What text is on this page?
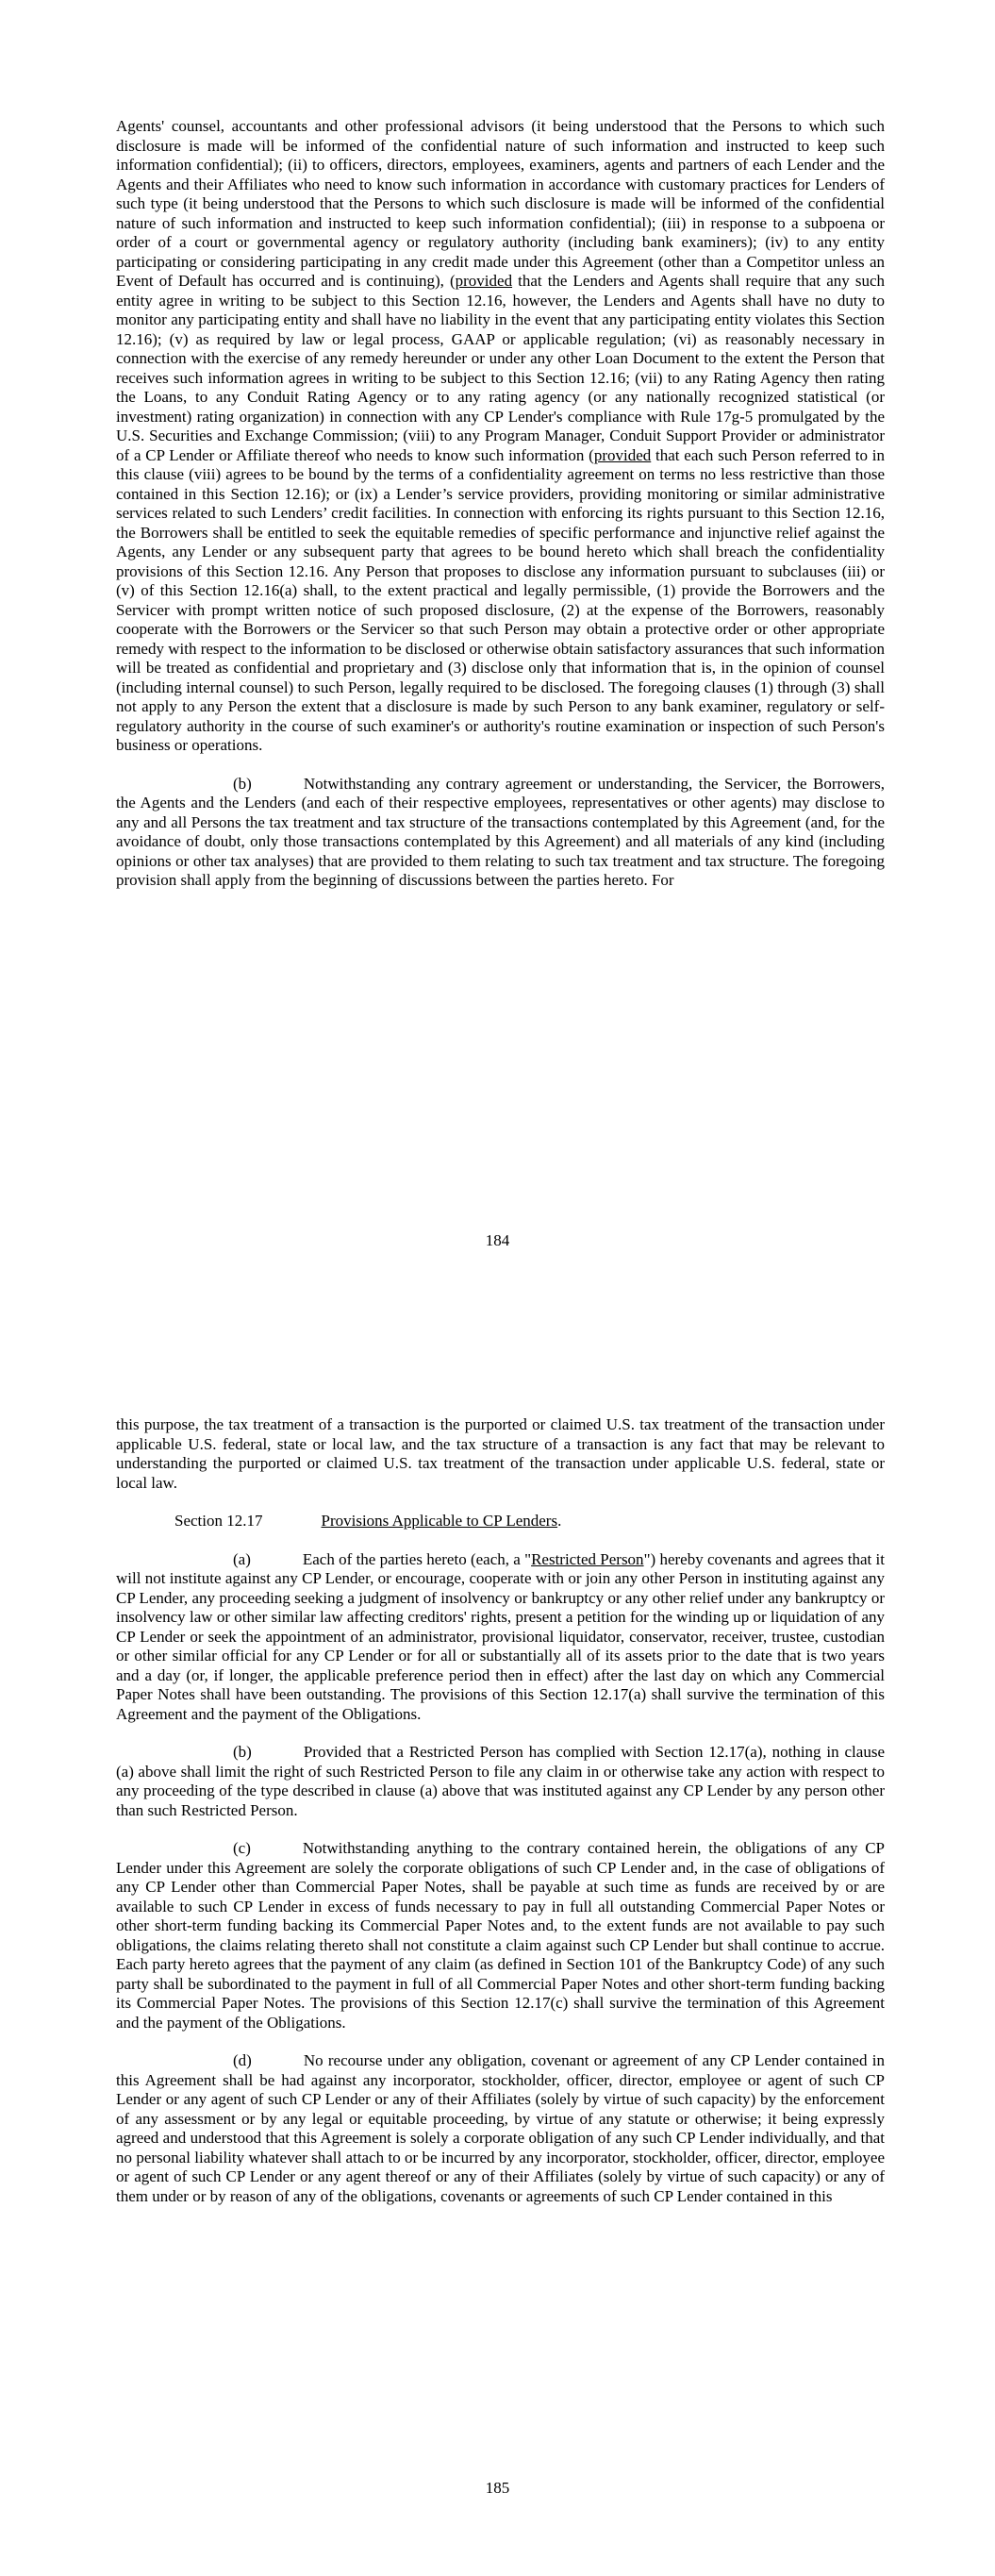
Agents' counsel, accountants and other professional advisors (it being understood that the Persons to which such disclosure is made will be informed of the confidential nature of such information and instructed to keep such information confidential); (ii) to officers, directors, employees, examiners, agents and partners of each Lender and the Agents and their Affiliates who need to know such information in accordance with customary practices for Lenders of such type (it being understood that the Persons to which such disclosure is made will be informed of the confidential nature of such information and instructed to keep such information confidential); (iii) in response to a subpoena or order of a court or governmental agency or regulatory authority (including bank examiners); (iv) to any entity participating or considering participating in any credit made under this Agreement (other than a Competitor unless an Event of Default has occurred and is continuing), (provided that the Lenders and Agents shall require that any such entity agree in writing to be subject to this Section 12.16, however, the Lenders and Agents shall have no duty to monitor any participating entity and shall have no liability in the event that any participating entity violates this Section 12.16); (v) as required by law or legal process, GAAP or applicable regulation; (vi) as reasonably necessary in connection with the exercise of any remedy hereunder or under any other Loan Document to the extent the Person that receives such information agrees in writing to be subject to this Section 12.16; (vii) to any Rating Agency then rating the Loans, to any Conduit Rating Agency or to any rating agency (or any nationally recognized statistical (or investment) rating organization) in connection with any CP Lender's compliance with Rule 17g-5 promulgated by the U.S. Securities and Exchange Commission; (viii) to any Program Manager, Conduit Support Provider or administrator of a CP Lender or Affiliate thereof who needs to know such information (provided that each such Person referred to in this clause (viii) agrees to be bound by the terms of a confidentiality agreement on terms no less restrictive than those contained in this Section 12.16); or (ix) a Lender’s service providers, providing monitoring or similar administrative services related to such Lenders’ credit facilities. In connection with enforcing its rights pursuant to this Section 12.16, the Borrowers shall be entitled to seek the equitable remedies of specific performance and injunctive relief against the Agents, any Lender or any subsequent party that agrees to be bound hereto which shall breach the confidentiality provisions of this Section 12.16. Any Person that proposes to disclose any information pursuant to subclauses (iii) or (v) of this Section 12.16(a) shall, to the extent practical and legally permissible, (1) provide the Borrowers and the Servicer with prompt written notice of such proposed disclosure, (2) at the expense of the Borrowers, reasonably cooperate with the Borrowers or the Servicer so that such Person may obtain a protective order or other appropriate remedy with respect to the information to be disclosed or otherwise obtain satisfactory assurances that such information will be treated as confidential and proprietary and (3) disclose only that information that is, in the opinion of counsel (including internal counsel) to such Person, legally required to be disclosed. The foregoing clauses (1) through (3) shall not apply to any Person the extent that a disclosure is made by such Person to any bank examiner, regulatory or self-regulatory authority in the course of such examiner's or authority's routine examination or inspection of such Person's business or operations.

(b)	Notwithstanding any contrary agreement or understanding, the Servicer, the Borrowers, the Agents and the Lenders (and each of their respective employees, representatives or other agents) may disclose to any and all Persons the tax treatment and tax structure of the transactions contemplated by this Agreement (and, for the avoidance of doubt, only those transactions contemplated by this Agreement) and all materials of any kind (including opinions or other tax analyses) that are provided to them relating to such tax treatment and tax structure. The foregoing provision shall apply from the beginning of discussions between the parties hereto. For

184

this purpose, the tax treatment of a transaction is the purported or claimed U.S. tax treatment of the transaction under applicable U.S. federal, state or local law, and the tax structure of a transaction is any fact that may be relevant to understanding the purported or claimed U.S. tax treatment of the transaction under applicable U.S. federal, state or local law.

Section 12.17	Provisions Applicable to CP Lenders.

(a)	Each of the parties hereto (each, a "Restricted Person") hereby covenants and agrees that it will not institute against any CP Lender, or encourage, cooperate with or join any other Person in instituting against any CP Lender, any proceeding seeking a judgment of insolvency or bankruptcy or any other relief under any bankruptcy or insolvency law or other similar law affecting creditors' rights, present a petition for the winding up or liquidation of any CP Lender or seek the appointment of an administrator, provisional liquidator, conservator, receiver, trustee, custodian or other similar official for any CP Lender or for all or substantially all of its assets prior to the date that is two years and a day (or, if longer, the applicable preference period then in effect) after the last day on which any Commercial Paper Notes shall have been outstanding. The provisions of this Section 12.17(a) shall survive the termination of this Agreement and the payment of the Obligations.

(b)	Provided that a Restricted Person has complied with Section 12.17(a), nothing in clause (a) above shall limit the right of such Restricted Person to file any claim in or otherwise take any action with respect to any proceeding of the type described in clause (a) above that was instituted against any CP Lender by any person other than such Restricted Person.

(c)	Notwithstanding anything to the contrary contained herein, the obligations of any CP Lender under this Agreement are solely the corporate obligations of such CP Lender and, in the case of obligations of any CP Lender other than Commercial Paper Notes, shall be payable at such time as funds are received by or are available to such CP Lender in excess of funds necessary to pay in full all outstanding Commercial Paper Notes or other short-term funding backing its Commercial Paper Notes and, to the extent funds are not available to pay such obligations, the claims relating thereto shall not constitute a claim against such CP Lender but shall continue to accrue. Each party hereto agrees that the payment of any claim (as defined in Section 101 of the Bankruptcy Code) of any such party shall be subordinated to the payment in full of all Commercial Paper Notes and other short-term funding backing its Commercial Paper Notes. The provisions of this Section 12.17(c) shall survive the termination of this Agreement and the payment of the Obligations.

(d)	No recourse under any obligation, covenant or agreement of any CP Lender contained in this Agreement shall be had against any incorporator, stockholder, officer, director, employee or agent of such CP Lender or any agent of such CP Lender or any of their Affiliates (solely by virtue of such capacity) by the enforcement of any assessment or by any legal or equitable proceeding, by virtue of any statute or otherwise; it being expressly agreed and understood that this Agreement is solely a corporate obligation of any such CP Lender individually, and that no personal liability whatever shall attach to or be incurred by any incorporator, stockholder, officer, director, employee or agent of such CP Lender or any agent thereof or any of their Affiliates (solely by virtue of such capacity) or any of them under or by reason of any of the obligations, covenants or agreements of such CP Lender contained in this

185
